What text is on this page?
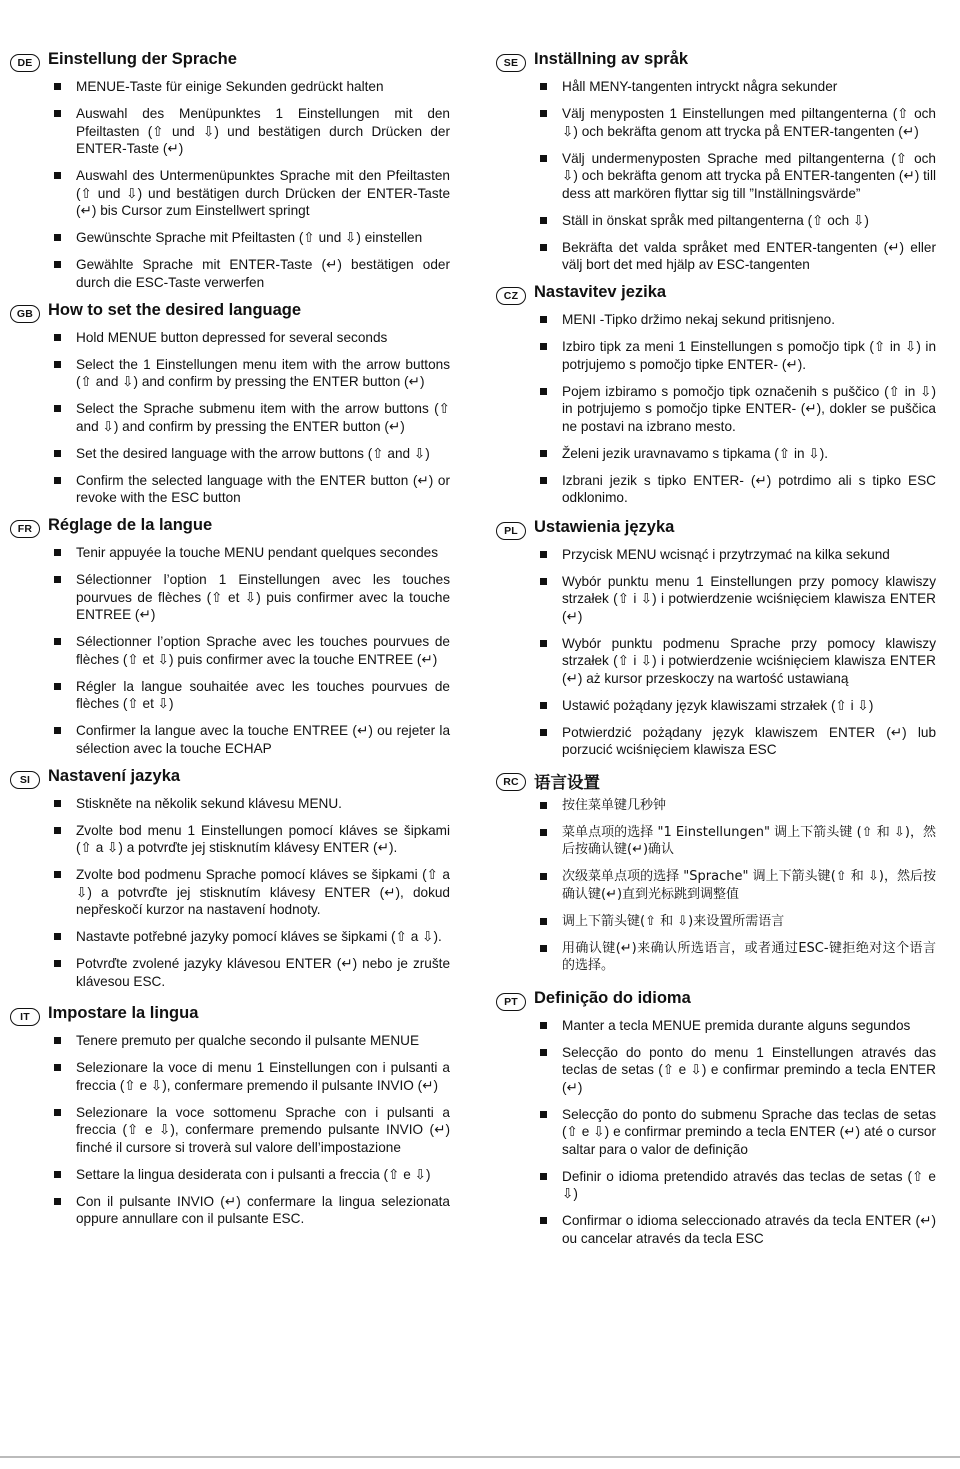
DE Einstellung der Sprache
MENUE-Taste für einige Sekunden gedrückt halten
Auswahl des Menüpunktes 1 Einstellungen mit den Pfeiltasten (⇧ und ⇩) und bestätigen durch Drücken der ENTER-Taste (↵)
Auswahl des Untermenüpunktes Sprache mit den Pfeiltasten (⇧ und ⇩) und bestätigen durch Drücken der ENTER-Taste (↵) bis Cursor zum Einstellwert springt
Gewünschte Sprache mit Pfeiltasten (⇧ und ⇩) einstellen
Gewählte Sprache mit ENTER-Taste (↵) bestätigen oder durch die ESC-Taste verwerfen
GB How to set the desired language
Hold MENUE button depressed for several seconds
Select the 1 Einstellungen menu item with the arrow buttons (⇧ and ⇩) and confirm by pressing the ENTER button (↵)
Select the Sprache submenu item with the arrow buttons (⇧ and ⇩) and confirm by pressing the ENTER button (↵)
Set the desired language with the arrow buttons (⇧ and ⇩)
Confirm the selected language with the ENTER button (↵) or revoke with the ESC button
FR Réglage de la langue
Tenir appuyée la touche MENU pendant quelques secondes
Sélectionner l’option 1 Einstellungen avec les touches pourvues de flèches (⇧ et ⇩) puis confirmer avec la touche ENTREE (↵)
Sélectionner l’option Sprache avec les touches pourvues de flèches (⇧ et ⇩) puis confirmer avec la touche ENTREE (↵)
Régler la langue souhaitée avec les touches pourvues de flèches (⇧ et ⇩)
Confirmer la langue avec la touche ENTREE (↵) ou rejeter la sélection avec la touche ECHAP
SI	Nastavení jazyka
Stiskněte na několik sekund klávesu MENU.
Zvolte bod menu 1 Einstellungen pomocí kláves se šipkami (⇧ a ⇩) a potvrďte jej stisknutím klávesy ENTER (↵).
Zvolte bod podmenu Sprache pomocí kláves se šipkami (⇧ a ⇩) a potvrďte jej stisknutím klávesy ENTER (↵), dokud nepřeskočí kurzor na nastavení hodnoty.
Nastavte potřebné jazyky pomocí kláves se šipkami (⇧ a ⇩).
Potvrďte zvolené jazyky klávesou ENTER (↵) nebo je zrušte klávesou ESC.
IT	Impostare la lingua
Tenere premuto per qualche secondo il pulsante MENUE
Selezionare la voce di menu 1 Einstellungen con i pulsanti a freccia (⇧ e ⇩), confermare premendo il pulsante INVIO (↵)
Selezionare la voce sottomenu Sprache con i pulsanti a freccia (⇧ e ⇩), confermare premendo pulsante INVIO (↵) finché il cursore si troverà sul valore dell’impostazione
Settare la lingua desiderata con i pulsanti a freccia (⇧ e ⇩)
Con il pulsante INVIO (↵) confermare la lingua selezionata oppure annullare con il pulsante ESC.
SE Inställning av språk
Håll MENY-tangenten intryckt några sekunder
Välj menyposten 1 Einstellungen med piltangenterna (⇧ och ⇩) och bekräfta genom att trycka på ENTER-tangenten (↵)
Välj undermenyposten Sprache med piltangenterna (⇧ och ⇩) och bekräfta genom att trycka på ENTER-tangenten (↵) till dess att markören flyttar sig till ”Inställningsvärde”
Ställ in önskat språk med piltangenterna (⇧ och ⇩)
Bekräfta det valda språket med ENTER-tangenten (↵) eller välj bort det med hjälp av ESC-tangenten
CZ Nastavitev jezika
MENI -Tipko držimo nekaj sekund pritisnjeno.
Izbiro tipk za meni 1 Einstellungen s pomočjo tipk (⇧ in ⇩) in potrjujemo s pomočjo tipke ENTER- (↵).
Pojem izbiramo s pomočjo tipk označenih s puščico (⇧ in ⇩) in potrjujemo s pomočjo tipke ENTER- (↵), dokler se puščica ne postavi na izbrano mesto.
Želeni jezik uravnavamo s tipkama (⇧ in ⇩).
Izbrani jezik s tipko ENTER- (↵) potrdimo ali s tipko ESC odklonimo.
PL Ustawienia języka
Przycisk MENU wcisnąć i przytrzymać na kilka sekund
Wybór punktu menu 1 Einstellungen przy pomocy klawiszy strzałek (⇧ i ⇩) i potwierdzenie wciśnięciem klawisza ENTER (↵)
Wybór punktu podmenu Sprache przy pomocy klawiszy strzałek (⇧ i ⇩) i potwierdzenie wciśnięciem klawisza ENTER (↵) aż kursor przeskoczy na wartość ustawianą
Ustawić pożądany język klawiszami strzałek (⇧ i ⇩)
Potwierdzić pożądany język klawiszem ENTER (↵) lub porzucić wciśnięciem klawisza ESC
RC 语言设置
按住菜单键几秒钟
菜单点项的选择 "1 Einstellungen" 调上下箭头键 (⇧ 和 ⇩)，然后按确认键(↵)确认
次级菜单点项的选择 "Sprache" 调上下箭头键(⇧ 和 ⇩)，然后按确认键(↵)直到光标跳到调整值
调上下箭头键(⇧ 和 ⇩)来设置所需语言
用确认键(↵)来确认所选语言，或者通过ESC-键拒绝对这个语言的选择。
PT Definição do idioma
Manter a tecla MENUE premida durante alguns segundos
Selecção do ponto do menu 1 Einstellungen através das teclas de setas (⇧ e ⇩) e confirmar premindo a tecla ENTER (↵)
Selecção do ponto do submenu Sprache das teclas de setas (⇧ e ⇩) e confirmar premindo a tecla ENTER (↵) até o cursor saltar para o valor de definição
Definir o idioma pretendido através das teclas de setas (⇧ e ⇩)
Confirmar o idioma seleccionado através da tecla ENTER (↵) ou cancelar através da tecla ESC
